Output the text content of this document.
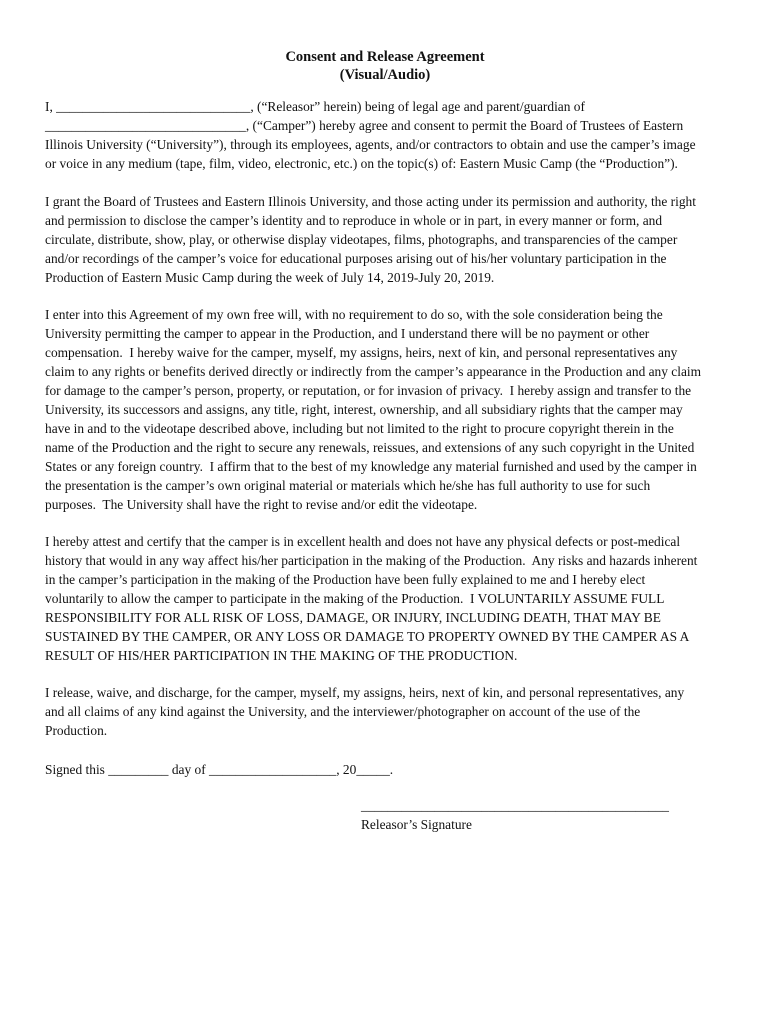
Consent and Release Agreement
(Visual/Audio)
I, _____________________________, (“Releasor” herein) being of legal age and parent/guardian of
______________________________, (“Camper”) hereby agree and consent to permit the Board of Trustees of Eastern
Illinois University (“University”), through its employees, agents, and/or contractors to obtain and use the camper’s image
or voice in any medium (tape, film, video, electronic, etc.) on the topic(s) of: Eastern Music Camp (the “Production”).
I grant the Board of Trustees and Eastern Illinois University, and those acting under its permission and authority, the right
and permission to disclose the camper’s identity and to reproduce in whole or in part, in every manner or form, and
circulate, distribute, show, play, or otherwise display videotapes, films, photographs, and transparencies of the camper
and/or recordings of the camper’s voice for educational purposes arising out of his/her voluntary participation in the
Production of Eastern Music Camp during the week of July 14, 2019-July 20, 2019.
I enter into this Agreement of my own free will, with no requirement to do so, with the sole consideration being the
University permitting the camper to appear in the Production, and I understand there will be no payment or other
compensation.  I hereby waive for the camper, myself, my assigns, heirs, next of kin, and personal representatives any
claim to any rights or benefits derived directly or indirectly from the camper’s appearance in the Production and any claim
for damage to the camper’s person, property, or reputation, or for invasion of privacy.  I hereby assign and transfer to the
University, its successors and assigns, any title, right, interest, ownership, and all subsidiary rights that the camper may
have in and to the videotape described above, including but not limited to the right to procure copyright therein in the
name of the Production and the right to secure any renewals, reissues, and extensions of any such copyright in the United
States or any foreign country.  I affirm that to the best of my knowledge any material furnished and used by the camper in
the presentation is the camper’s own original material or materials which he/she has full authority to use for such
purposes.  The University shall have the right to revise and/or edit the videotape.
I hereby attest and certify that the camper is in excellent health and does not have any physical defects or post-medical
history that would in any way affect his/her participation in the making of the Production.  Any risks and hazards inherent
in the camper’s participation in the making of the Production have been fully explained to me and I hereby elect
voluntarily to allow the camper to participate in the making of the Production.  I VOLUNTARILY ASSUME FULL
RESPONSIBILITY FOR ALL RISK OF LOSS, DAMAGE, OR INJURY, INCLUDING DEATH, THAT MAY BE
SUSTAINED BY THE CAMPER, OR ANY LOSS OR DAMAGE TO PROPERTY OWNED BY THE CAMPER AS A
RESULT OF HIS/HER PARTICIPATION IN THE MAKING OF THE PRODUCTION.
I release, waive, and discharge, for the camper, myself, my assigns, heirs, next of kin, and personal representatives, any
and all claims of any kind against the University, and the interviewer/photographer on account of the use of the
Production.
Signed this _________ day of ___________________, 20_____.
______________________________________________
Releasor’s Signature
